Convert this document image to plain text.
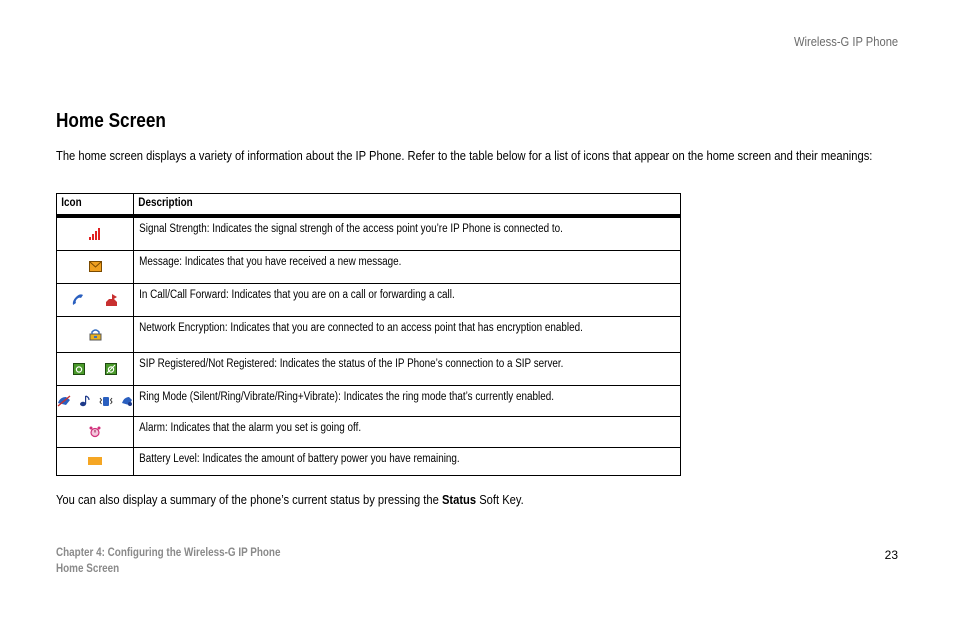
Wireless-G IP Phone
Home Screen
The home screen displays a variety of information about the IP Phone. Refer to the table below for a list of icons that appear on the home screen and their meanings:
Icon	Description

Signal Strength: Indicates the signal strengh of the access point you’re IP Phone is connected to.

Message: Indicates that you have received a new message.

In Call/Call Forward: Indicates that you are on a call or forwarding a call.

Network Encryption: Indicates that you are connected to an access point that has encryption enabled.

SIP Registered/Not Registered: Indicates the status of the IP Phone’s connection to a SIP server.

Ring Mode (Silent/Ring/Vibrate/Ring+Vibrate): Indicates the ring mode that’s currently enabled.

Alarm: Indicates that the alarm you set is going off.

Battery Level: Indicates the amount of battery power you have remaining.
You can also display a summary of the phone’s current status by pressing the Status Soft Key.
Chapter 4: Configuring the Wireless-G IP Phone
Home Screen
23
